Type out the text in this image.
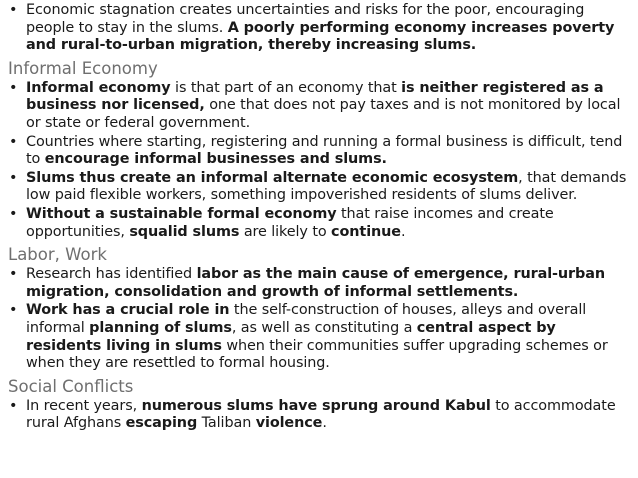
• Economic stagnation creates uncertainties and risks for the poor, encouraging people to stay in the slums. A poorly performing economy increases poverty and rural-to-urban migration, thereby increasing slums.
Informal Economy
• Informal economy is that part of an economy that is neither registered as a business nor licensed, one that does not pay taxes and is not monitored by local or state or federal government.
• Countries where starting, registering and running a formal business is difficult, tend to encourage informal businesses and slums.
• Slums thus create an informal alternate economic ecosystem, that demands low paid flexible workers, something impoverished residents of slums deliver.
• Without a sustainable formal economy that raise incomes and create opportunities, squalid slums are likely to continue.
Labor, Work
• Research has identified labor as the main cause of emergence, rural-urban migration, consolidation and growth of informal settlements.
• Work has a crucial role in the self-construction of houses, alleys and overall informal planning of slums, as well as constituting a central aspect by residents living in slums when their communities suffer upgrading schemes or when they are resettled to formal housing.
Social Conflicts
• In recent years, numerous slums have sprung around Kabul to accommodate rural Afghans escaping Taliban violence.
